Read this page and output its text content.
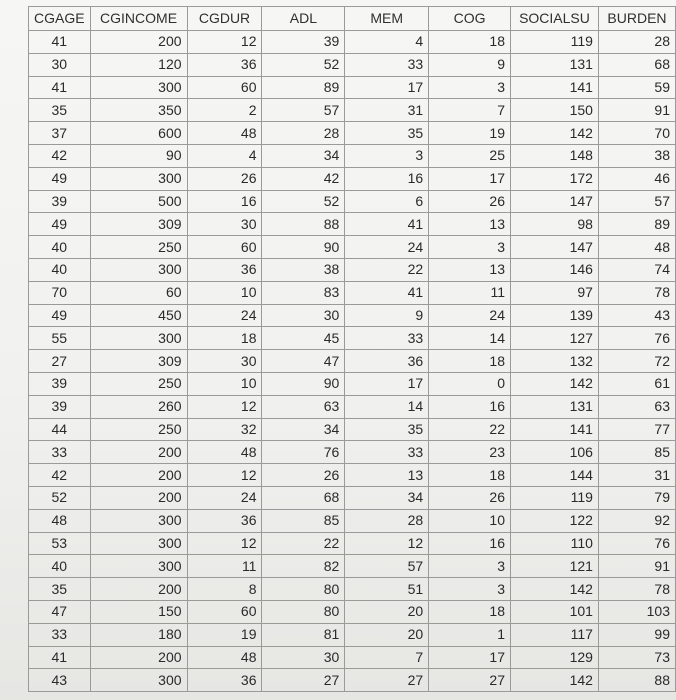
CGAGE	CGINCOME	CGDUR	ADL	MEM	COG	SOCIALSU	BURDEN
41	200	12	39	4	18	119	28
30	120	36	52	33	9	131	68
41	300	60	89	17	3	141	59
35	350	2	57	31	7	150	91
37	600	48	28	35	19	142	70
42	90	4	34	3	25	148	38
49	300	26	42	16	17	172	46
39	500	16	52	6	26	147	57
49	309	30	88	41	13	98	89
40	250	60	90	24	3	147	48
40	300	36	38	22	13	146	74
70	60	10	83	41	11	97	78
49	450	24	30	9	24	139	43
55	300	18	45	33	14	127	76
27	309	30	47	36	18	132	72
39	250	10	90	17	0	142	61
39	260	12	63	14	16	131	63
44	250	32	34	35	22	141	77
33	200	48	76	33	23	106	85
42	200	12	26	13	18	144	31
52	200	24	68	34	26	119	79
48	300	36	85	28	10	122	92
53	300	12	22	12	16	110	76
40	300	11	82	57	3	121	91
35	200	8	80	51	3	142	78
47	150	60	80	20	18	101	103
33	180	19	81	20	1	117	99
41	200	48	30	7	17	129	73
43	300	36	27	27	27	142	88
